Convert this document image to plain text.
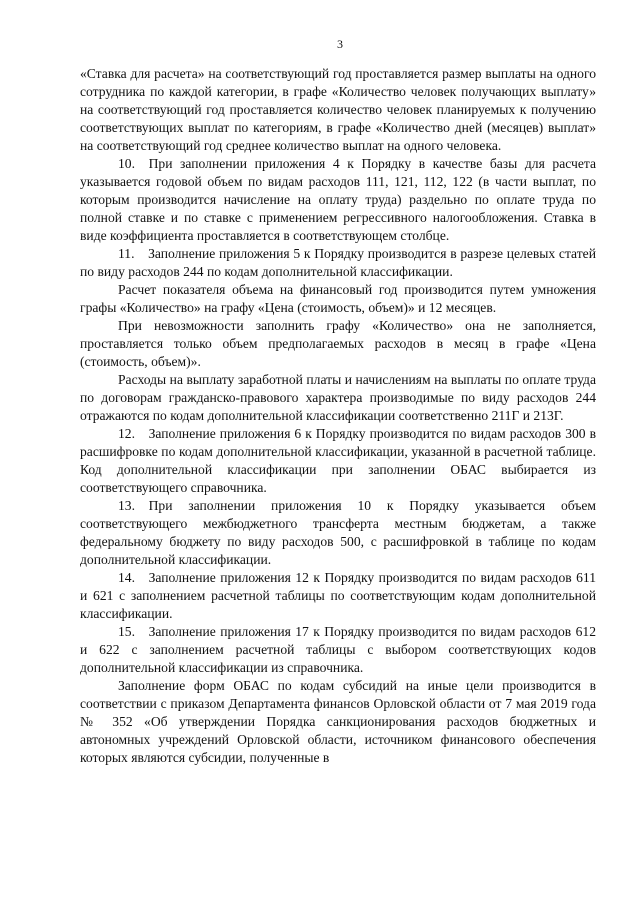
3

«Ставка для расчета» на соответствующий год проставляется размер выплаты на одного сотрудника по каждой категории, в графе «Количество человек получающих выплату» на соответствующий год проставляется количество человек планируемых к получению соответствующих выплат по категориям, в графе «Количество дней (месяцев) выплат» на соответствующий год среднее количество выплат на одного человека.

10. При заполнении приложения 4 к Порядку в качестве базы для расчета указывается годовой объем по видам расходов 111, 121, 112, 122 (в части выплат, по которым производится начисление на оплату труда) раздельно по оплате труда по полной ставке и по ставке с применением регрессивного налогообложения. Ставка в виде коэффициента проставляется в соответствующем столбце.

11. Заполнение приложения 5 к Порядку производится в разрезе целевых статей по виду расходов 244 по кодам дополнительной классификации.

Расчет показателя объема на финансовый год производится путем умножения графы «Количество» на графу «Цена (стоимость, объем)» и 12 месяцев.

При невозможности заполнить графу «Количество» она не заполняется, проставляется только объем предполагаемых расходов в месяц в графе «Цена (стоимость, объем)».

Расходы на выплату заработной платы и начислениям на выплаты по оплате труда по договорам гражданско-правового характера производимые по виду расходов 244 отражаются по кодам дополнительной классификации соответственно 211Г и 213Г.

12. Заполнение приложения 6 к Порядку производится по видам расходов 300 в расшифровке по кодам дополнительной классификации, указанной в расчетной таблице. Код дополнительной классификации при заполнении ОБАС выбирается из соответствующего справочника.

13. При заполнении приложения 10 к Порядку указывается объем соответствующего межбюджетного трансферта местным бюджетам, а также федеральному бюджету по виду расходов 500, с расшифровкой в таблице по кодам дополнительной классификации.

14. Заполнение приложения 12 к Порядку производится по видам расходов 611 и 621 с заполнением расчетной таблицы по соответствующим кодам дополнительной классификации.

15. Заполнение приложения 17 к Порядку производится по видам расходов 612 и 622 с заполнением расчетной таблицы с выбором соответствующих кодов дополнительной классификации из справочника.

Заполнение форм ОБАС по кодам субсидий на иные цели производится в соответствии с приказом Департамента финансов Орловской области от 7 мая 2019 года № 352 «Об утверждении Порядка санкционирования расходов бюджетных и автономных учреждений Орловской области, источником финансового обеспечения которых являются субсидии, полученные в
